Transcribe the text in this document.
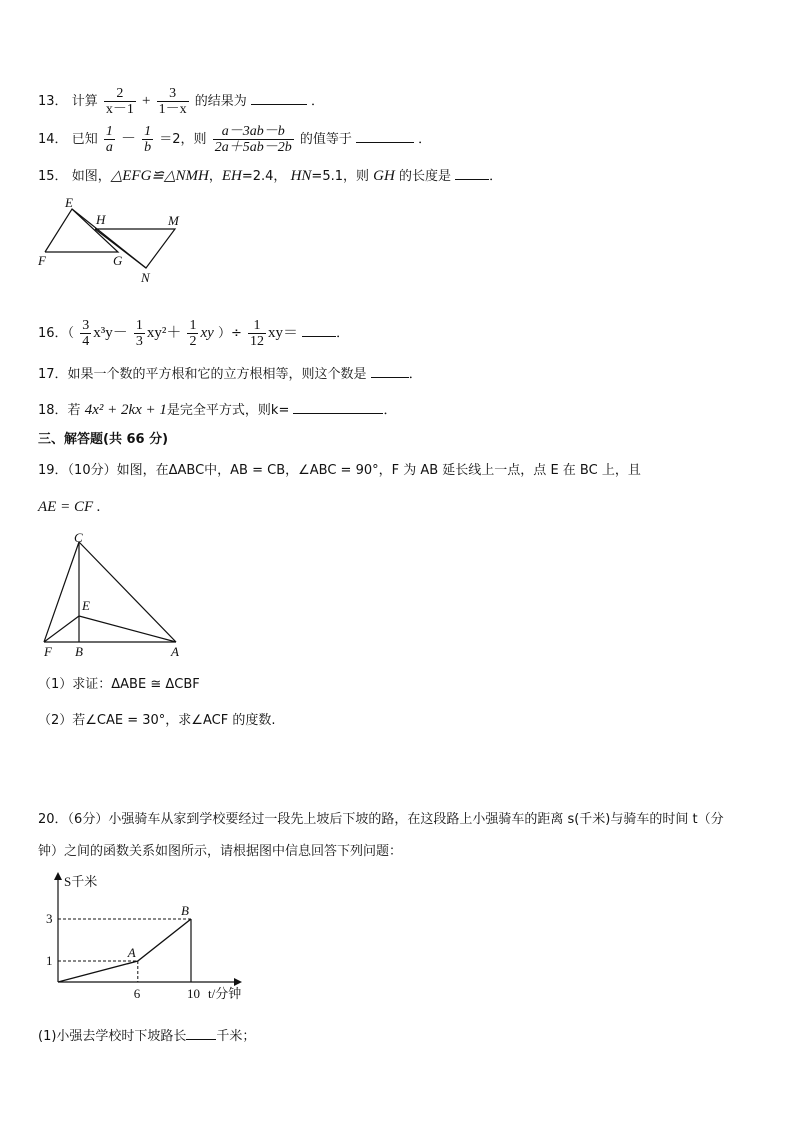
13． 计算 $\frac{2}{x-1} + \frac{3}{1-x}$ 的结果为	．
14． 已知 $\frac{1}{a} - \frac{1}{b} =2$，则 $\frac{a-3ab-b}{2a+5ab-2b}$ 的值等于	．
15． 如图，△EFG≌△NMH，EH=2.4， HN=5.1，则 GH 的长度是	．
E
H	M
F	G
N
16．（ $\frac{3}{4} x^3y- \frac{1}{3} xy^2+ \frac{1}{2}$ xy ）÷ $\frac{1}{12} xy=$	．
17．如果一个数的平方根和它的立方根相等，则这个数是	．
18．若 4x² + 2kx + 1是完全平方式，则k=	．
三、解答题(共 66 分)
19．（10分）如图，在ΔABC中，AB = CB，∠ABC = 90°，F 为 AB 延长线上一点，点 E 在 BC 上，且
AE = CF .
C
E
F B	A
（1）求证：ΔABE ≅ ΔCBF
（2）若∠CAE = 30°，求∠ACF 的度数.
20．（6分）小强骑车从家到学校要经过一段先上坡后下坡的路，在这段路上小强骑车的距离 s(千米)与骑车的时间 t（分
钟）之间的函数关系如图所示，请根据图中信息回答下列问题：
S千米
t/分钟
A
B
6	10
1
3
(1)小强去学校时下坡路长 千米；
